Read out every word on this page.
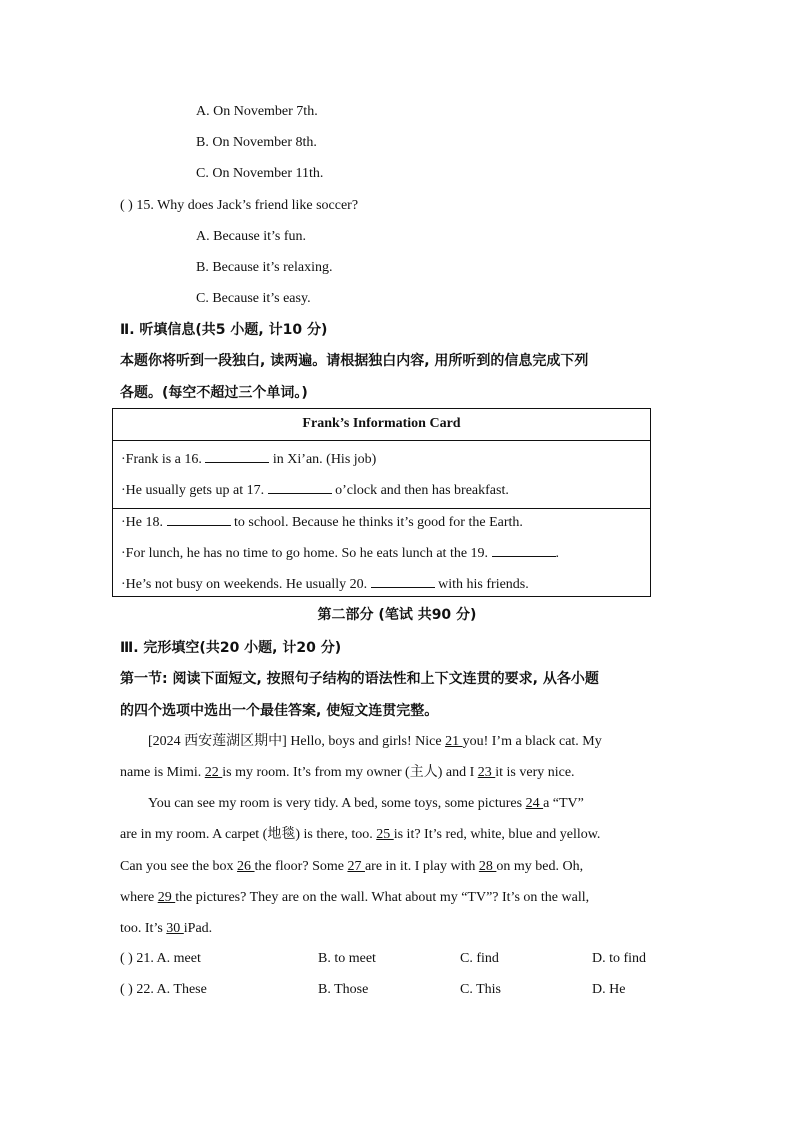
A. On November 7th.
B. On November 8th.
C. On November 11th.
( ) 15. Why does Jack’s friend like soccer?
A. Because it’s fun.
B. Because it’s relaxing.
C. Because it’s easy.
Ⅱ. 听填信息(共5 小题, 计10 分)
本题你将听到一段独白, 读两遍。请根据独白内容, 用所听到的信息完成下列
各题。(每空不超过三个单词。)
Frank’s Information Card
·Frank is a 16.	in Xi’an. (His job)
·He usually gets up at 17.	o’clock and then has breakfast.
·He 18.	to school. Because he thinks it’s good for the Earth.
·For lunch, he has no time to go home. So he eats lunch at the 19.	.
·He’s not busy on weekends. He usually 20.	with his friends.
第二部分 (笔试 共90 分)
Ⅲ. 完形填空(共20 小题, 计20 分)
第一节: 阅读下面短文, 按照句子结构的语法性和上下文连贯的要求, 从各小题
的四个选项中选出一个最佳答案, 使短文连贯完整。
[2024 西安莲湖区期中] Hello, boys and girls! Nice 21 you! I’m a black cat. My
name is Mimi. 22 is my room. It’s from my owner (主人) and I 23 it is very nice.
You can see my room is very tidy. A bed, some toys, some pictures 24 a “TV”
are in my room. A carpet (地毯) is there, too. 25 is it? It’s red, white, blue and yellow.
Can you see the box 26 the floor? Some 27 are in it. I play with 28 on my bed. Oh,
where 29 the pictures? They are on the wall. What about my “TV”? It’s on the wall,
too. It’s 30 iPad.
( ) 21. A. meet	B. to meet	C. find	D. to find
( ) 22. A. These	B. Those	C. This	D. He
